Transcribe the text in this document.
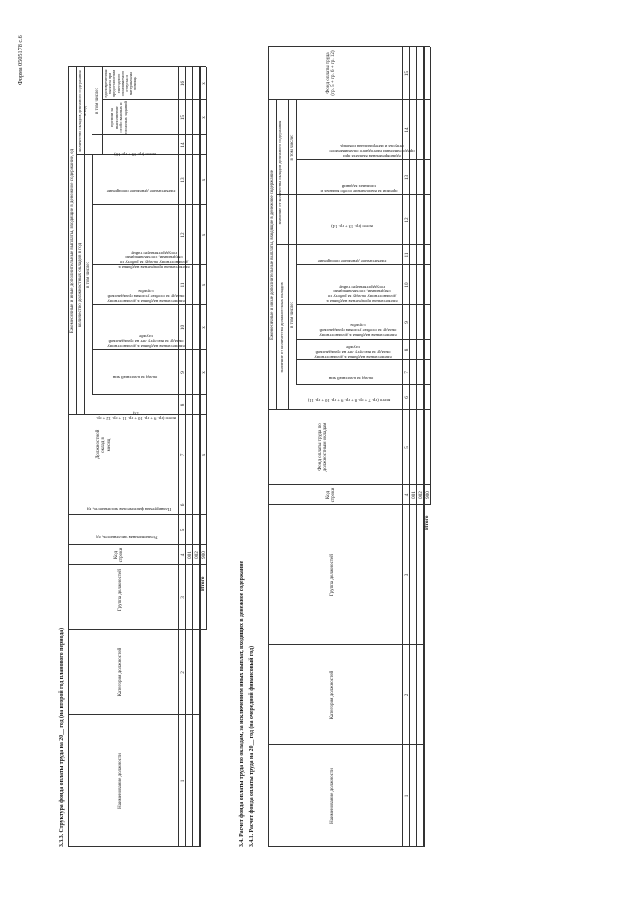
Форма 0505178 с.6
3.3.3. Структура фонда оплаты труда на 20__ год (на второй год планового периода)	Наименование должности
Категория должностей
Группа должностей
Код строки
Установленная численность, ед
Планируемая фактическая численность, ед
Должностной оклад в месяц
Ежемесячные и иные дополнительные выплаты, входящие в денежное содержание, ед количество должностных окладов в год
количество окладов денежного содержания в год
в том числе:
в том числе:
всего (гр. 9 + гр. 10 + гр. 11 + гр. 12 + гр. 13)
оклад за классный чин
ежемесячная надбавка к должностному окладу за выслугу лет на гражданской службе
ежемесячная надбавка к должностному окладу за особые условия гражданской службы
ежемесячная процентная надбавка к должностному окладу за работу со сведениями, составляющими государственную тайну
ежемесячное денежное поощрение
всего (гр. 15 + гр. 16)
премии за выполнение особо важных и сложных заданий
единовременная выплата при предоставлении ежегодного оплачиваемого отпуска и материальная помощь
1
2
3
4
5
6
7
8
9
10
11
12
13
14
15
16
001 002
Итого
900
x
x
x
x
x
x
x
x
3.4. Расчет фонда оплаты труда по окладам, за исключением иных выплат, входящих в денежное содержание 3.4.1. Расчет фонда оплаты труда на 20__ год (на очередной финансовый год)	Наименование должности
Категория должностей
Группа должностей
Код строки
Фонд оплаты труда по должностным окладам
Ежемесячные и иные дополнительные выплаты, входящие в денежное содержание значение от количества должностных окладов
значение от количества окладов денежного содержания
в том числе:
в том числе:
всего (гр. 7 + гр. 8 + гр. 9 + гр. 10 + гр. 11)
оклад за классный чин
ежемесячная надбавка к должностному окладу за выслугу лет на гражданской службе
ежемесячная надбавка к должностному окладу за особые условия гражданской службы
ежемесячная процентная надбавка к должностному окладу за работу со сведениями, составляющими государственную тайну
ежемесячное денежное поощрение
всего (гр. 13 + гр. 14)
премии за выполнение особо важных и сложных заданий
единовременная выплата при предоставлении ежегодного оплачиваемого отпуска и материальная помощь
Фонд оплаты труда (гр. 5 + гр. 6 + гр. 12)
1
2
3
4
5
6
7
8
9
10
11
12
13
14
15
001 002
Итого
900
